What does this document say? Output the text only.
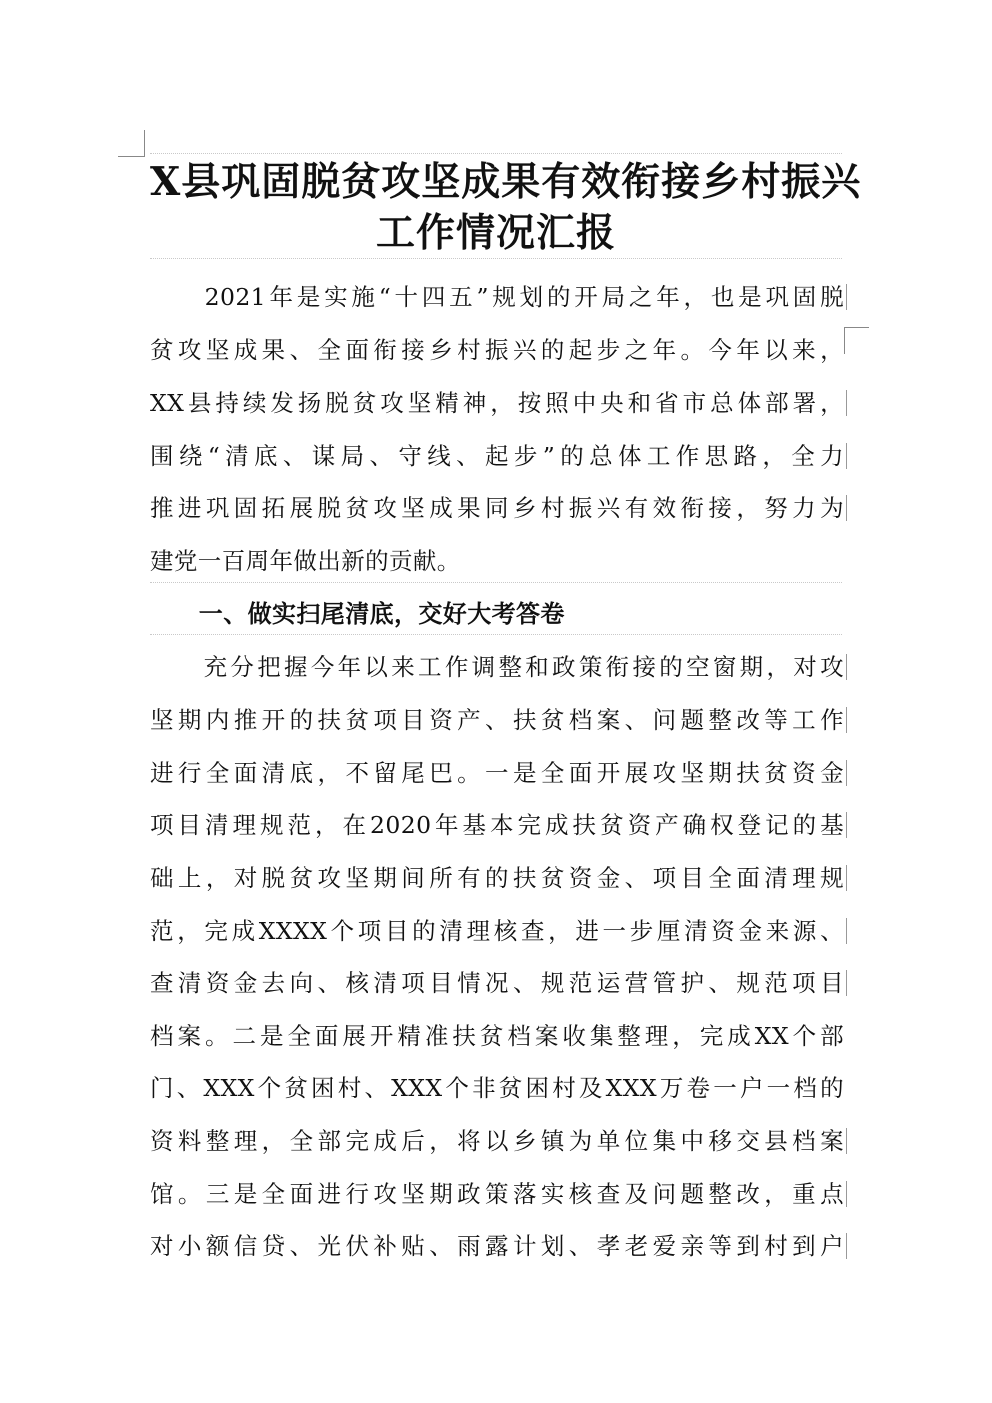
X县巩固脱贫攻坚成果有效衔接乡村振兴
工作情况汇报
　　2021年是实施“十四五”规划的开局之年，也是巩固脱
贫攻坚成果、全面衔接乡村振兴的起步之年。今年以来，
XX县持续发扬脱贫攻坚精神，按照中央和省市总体部署，
围绕“清底、谋局、守线、起步”的总体工作思路，全力
推进巩固拓展脱贫攻坚成果同乡村振兴有效衔接，努力为
建党一百周年做出新的贡献。
　　一、做实扫尾清底，交好大考答卷
　　充分把握今年以来工作调整和政策衔接的空窗期，对攻
坚期内推开的扶贫项目资产、扶贫档案、问题整改等工作
进行全面清底，不留尾巴。一是全面开展攻坚期扶贫资金
项目清理规范，在2020年基本完成扶贫资产确权登记的基
础上，对脱贫攻坚期间所有的扶贫资金、项目全面清理规
范，完成XXXX个项目的清理核查，进一步厘清资金来源、
查清资金去向、核清项目情况、规范运营管护、规范项目
档案。二是全面展开精准扶贫档案收集整理，完成XX个部
门、XXX个贫困村、XXX个非贫困村及XXX万卷一户一档的
资料整理，全部完成后，将以乡镇为单位集中移交县档案
馆。三是全面进行攻坚期政策落实核查及问题整改，重点
对小额信贷、光伏补贴、雨露计划、孝老爱亲等到村到户
